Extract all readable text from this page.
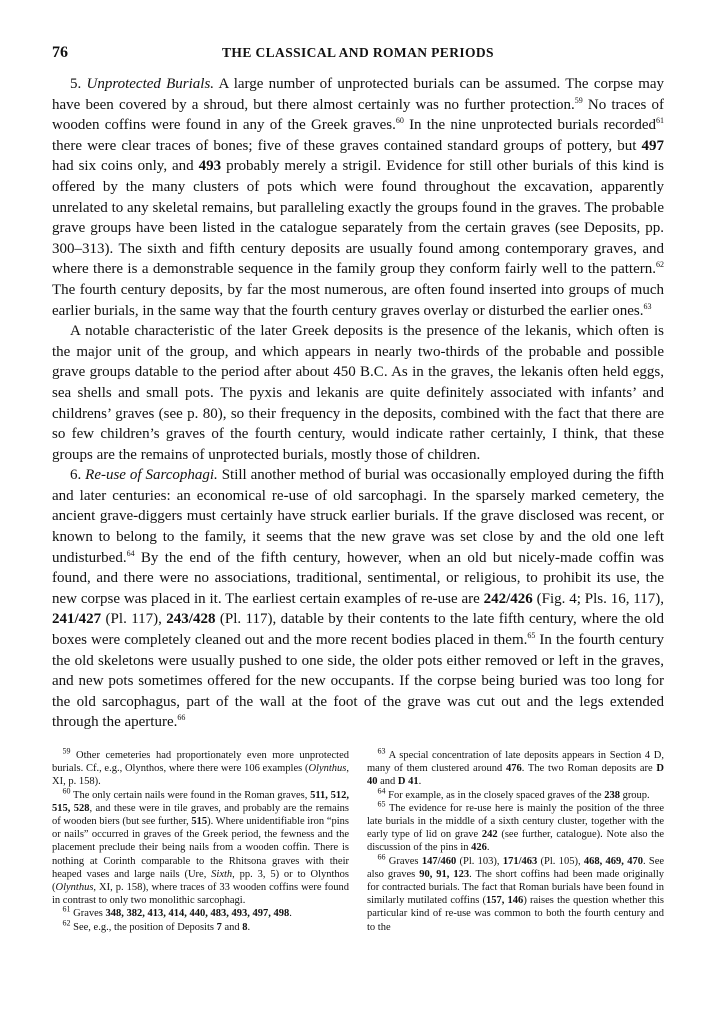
76	THE CLASSICAL AND ROMAN PERIODS

5. Unprotected Burials. A large number of unprotected burials can be assumed. The corpse may have been covered by a shroud, but there almost certainly was no further protection.$^{59}$ No traces of wooden coffins were found in any of the Greek graves.$^{60}$ In the nine unprotected burials recorded$^{61}$ there were clear traces of bones; five of these graves contained standard groups of pottery, but 497 had six coins only, and 493 probably merely a strigil. Evidence for still other burials of this kind is offered by the many clusters of pots which were found throughout the excavation, apparently unrelated to any skeletal remains, but paralleling exactly the groups found in the graves. The probable grave groups have been listed in the catalogue separately from the certain graves (see Deposits, pp. 300–313). The sixth and fifth century deposits are usually found among contemporary graves, and where there is a demonstrable sequence in the family group they conform fairly well to the pattern.$^{62}$ The fourth century deposits, by far the most numerous, are often found inserted into groups of much earlier burials, in the same way that the fourth century graves overlay or disturbed the earlier ones.$^{63}$

A notable characteristic of the later Greek deposits is the presence of the lekanis, which often is the major unit of the group, and which appears in nearly two-thirds of the probable and possible grave groups datable to the period after about 450 B.C. As in the graves, the lekanis often held eggs, sea shells and small pots. The pyxis and lekanis are quite definitely associated with infants’ and childrens’ graves (see p. 80), so their frequency in the deposits, combined with the fact that there are so few children’s graves of the fourth century, would indicate rather certainly, I think, that these groups are the remains of unprotected burials, mostly those of children.

6. Re-use of Sarcophagi. Still another method of burial was occasionally employed during the fifth and later centuries: an economical re-use of old sarcophagi. In the sparsely marked cemetery, the ancient grave-diggers must certainly have struck earlier burials. If the grave disclosed was recent, or known to belong to the family, it seems that the new grave was set close by and the old one left undisturbed.$^{64}$ By the end of the fifth century, however, when an old but nicely-made coffin was found, and there were no associations, traditional, sentimental, or religious, to prohibit its use, the new corpse was placed in it. The earliest certain examples of re-use are 242/426 (Fig. 4; Pls. 16, 117), 241/427 (Pl. 117), 243/428 (Pl. 117), datable by their contents to the late fifth century, where the old boxes were completely cleaned out and the more recent bodies placed in them.$^{65}$ In the fourth century the old skeletons were usually pushed to one side, the older pots either removed or left in the graves, and new pots sometimes offered for the new occupants. If the corpse being buried was too long for the old sarcophagus, part of the wall at the foot of the grave was cut out and the legs extended through the aperture.$^{66}$

$^{59}$ Other cemeteries had proportionately even more unprotected burials. Cf., e.g., Olynthos, where there were 106 examples (Olynthus, XI, p. 158).

$^{60}$ The only certain nails were found in the Roman graves, 511, 512, 515, 528, and these were in tile graves, and probably are the remains of wooden biers (but see further, 515). Where unidentifiable iron “pins or nails” occurred in graves of the Greek period, the fewness and the placement preclude their being nails from a wooden coffin. There is nothing at Corinth comparable to the Rhitsona graves with their heaped vases and large nails (Ure, Sixth, pp. 3, 5) or to Olynthos (Olynthus, XI, p. 158), where traces of 33 wooden coffins were found in contrast to only two monolithic sarcophagi.

$^{61}$ Graves 348, 382, 413, 414, 440, 483, 493, 497, 498.

$^{62}$ See, e.g., the position of Deposits 7 and 8.

$^{63}$ A special concentration of late deposits appears in Section 4 D, many of them clustered around 476. The two Roman deposits are D 40 and D 41.

$^{64}$ For example, as in the closely spaced graves of the 238 group.

$^{65}$ The evidence for re-use here is mainly the position of the three late burials in the middle of a sixth century cluster, together with the early type of lid on grave 242 (see further, catalogue). Note also the discussion of the pins in 426.

$^{66}$ Graves 147/460 (Pl. 103), 171/463 (Pl. 105), 468, 469, 470. See also graves 90, 91, 123. The short coffins had been made originally for contracted burials. The fact that Roman burials have been found in similarly mutilated coffins (157, 146) raises the question whether this particular kind of re-use was common to both the fourth century and to the
